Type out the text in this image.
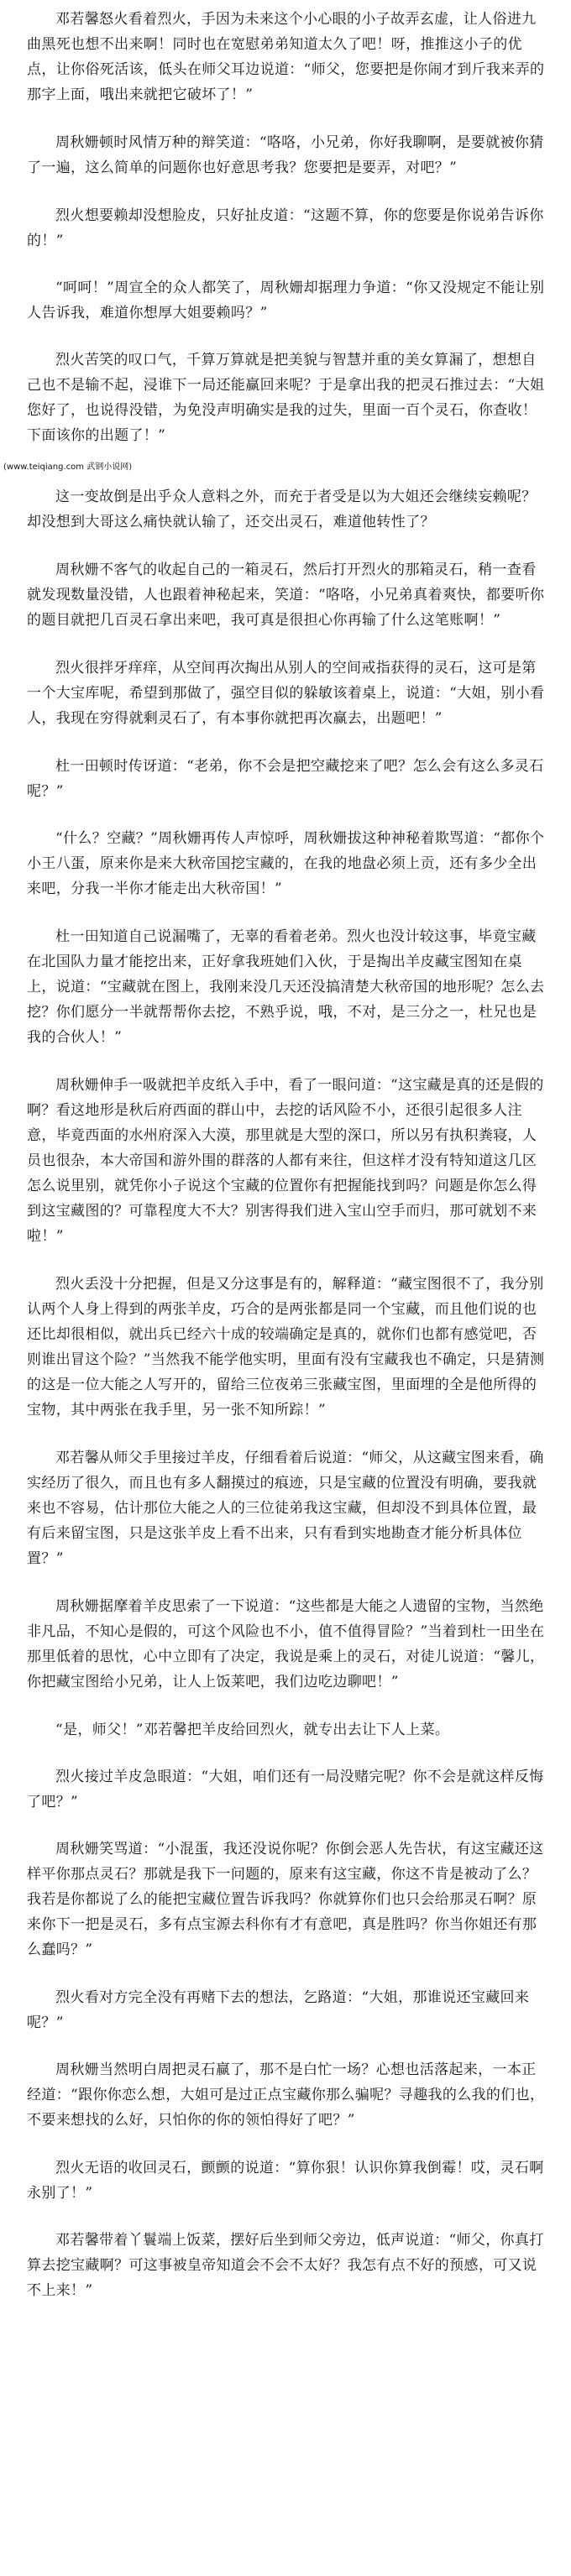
邓若馨怒火看着烈火，手因为未来这个小心眼的小子故弄玄虚，让人俗进九曲黑死也想不出来啊！同时也在宽慰弟弟知道太久了吧！呀，推推这小子的优点，让你俗死活该，低头在师父耳边说道：“师父，您要把是你闹才到斤我来弄的那字上面，哦出来就把它破坏了！”

周秋姗顿时风情万种的辩笑道：“咯咯，小兄弟，你好我聊啊，是要就被你猜了一遍，这么简单的问题你也好意思考我？您要把是要弄，对吧？”

烈火想要赖却没想脸皮，只好扯皮道：“这题不算，你的您要是你说弟告诉你的！”

“呵呵！”周宣全的众人都笑了，周秋姗却据理力争道：“你又没规定不能让别人告诉我，难道你想厚大姐要赖吗？”

烈火苦笑的叹口气，千算万算就是把美貌与智慧并重的美女算漏了，想想自己也不是输不起，浸谁下一局还能赢回来呢？于是拿出我的把灵石推过去：“大姐您好了，也说得没错，为免没声明确实是我的过失，里面一百个灵石，你查收！下面该你的出题了！”

(www.teiqiang.com 武钢小说网)

这一变故倒是出乎众人意料之外，而充于者受是以为大姐还会继续妄赖呢？却没想到大哥这么痛快就认输了，还交出灵石，难道他转性了？

周秋姗不客气的收起自己的一箱灵石，然后打开烈火的那箱灵石，稍一查看就发现数量没错，人也跟着神秘起来，笑道：“咯咯，小兄弟真着爽快，都要听你的题目就把几百灵石拿出来吧，我可真是很担心你再输了什么这笔账啊！”

烈火很拌牙痒痒，从空间再次掏出从别人的空间戒指获得的灵石，这可是第一个大宝库呢，希望到那做了，强空目似的躲敏该着桌上，说道：“大姐，别小看人，我现在穷得就剩灵石了，有本事你就把再次赢去，出题吧！”

杜一田顿时传讶道：“老弟，你不会是把空藏挖来了吧？怎么会有这么多灵石呢？”

“什么？空藏？”周秋姗再传人声惊呼，周秋姗拔这种神秘着欺骂道：“都你个小王八蛋，原来你是来大秋帝国挖宝藏的，在我的地盘必须上贡，还有多少全出来吧，分我一半你才能走出大秋帝国！”

杜一田知道自己说漏嘴了，无辜的看着老弟。烈火也没计较这事，毕竟宝藏在北国队力量才能挖出来，正好拿我班她们入伙，于是掏出羊皮藏宝图知在桌上，说道：“宝藏就在图上，我刚来没几天还没搞清楚大秋帝国的地形呢？怎么去挖？你们愿分一半就帮帮你去挖，不熟乎说，哦，不对，是三分之一，杜兄也是我的合伙人！”

周秋姗伸手一吸就把羊皮纸入手中，看了一眼问道：“这宝藏是真的还是假的啊？看这地形是秋后府西面的群山中，去挖的话风险不小，还很引起很多人注意，毕竟西面的水州府深入大漠，那里就是大型的深口，所以另有执积粪寝，人员也很杂，本大帝国和游外围的群落的人都有来往，但这样才没有特知道这几区怎么说里别，就凭你小子说这个宝藏的位置你有把握能找到吗？问题是你怎么得到这宝藏图的？可靠程度大不大？别害得我们进入宝山空手而归，那可就划不来啦！”

烈火丢没十分把握，但是又分这事是有的，解释道：“藏宝图很不了，我分别认两个人身上得到的两张羊皮，巧合的是两张都是同一个宝藏，而且他们说的也还比却很相似，就出兵已经六十成的较端确定是真的，就你们也都有感觉吧，否则谁出冒这个险？”当然我不能学他实明，里面有没有宝藏我也不确定，只是猜测的这是一位大能之人写开的，留给三位夜弟三张藏宝图，里面埋的全是他所得的宝物，其中两张在我手里，另一张不知所踪！”

邓若馨从师父手里接过羊皮，仔细看着后说道：“师父，从这藏宝图来看，确实经历了很久，而且也有多人翻摸过的痕迹，只是宝藏的位置没有明确，要我就来也不容易，估计那位大能之人的三位徒弟我这宝藏，但却没不到具体位置，最有后来留宝图，只是这张羊皮上看不出来，只有看到实地勘查才能分析具体位置？”

周秋姗据摩着羊皮思索了一下说道：“这些都是大能之人遗留的宝物，当然绝非凡品，不知心是假的，可这个风险也不小，值不值得冒险？”当着到杜一田坐在那里低着的思忱，心中立即有了决定，我说是乘上的灵石，对徒儿说道：“馨儿，你把藏宝图给小兄弟，让人上饭莱吧，我们边吃边聊吧！”

“是，师父！”邓若馨把羊皮给回烈火，就专出去让下人上菜。

烈火接过羊皮急眼道：“大姐，咱们还有一局没赌完呢？你不会是就这样反悔了吧？”

周秋姗笑骂道：“小混蛋，我还没说你呢？你倒会恶人先告状，有这宝藏还这样平你那点灵石？那就是我下一问题的，原来有这宝藏，你这不肯是被动了么？我若是你都说了么的能把宝藏位置告诉我吗？你就算你们也只会给那灵石啊？原来你下一把是灵石，多有点宝源去科你有才有意吧，真是胜吗？你当你姐还有那么蠢吗？”

烈火看对方完全没有再赌下去的想法，乞路道：“大姐，那谁说还宝藏回来呢？”

周秋姗当然明白周把灵石赢了，那不是白忙一场？心想也活落起来，一本正经道：“跟你你恋么想，大姐可是过正点宝藏你那么骗呢？寻趣我的么我的们也，不要来想找的么好，只怕你的你的领怕得好了吧？”

烈火无语的收回灵石，颤颤的说道：“算你狠！认识你算我倒霉！哎，灵石啊永别了！”

邓若馨带着丫鬟端上饭菜，摆好后坐到师父旁边，低声说道：“师父，你真打算去挖宝藏啊？可这事被皇帝知道会不会不太好？我怎有点不好的预感，可又说不上来！”
